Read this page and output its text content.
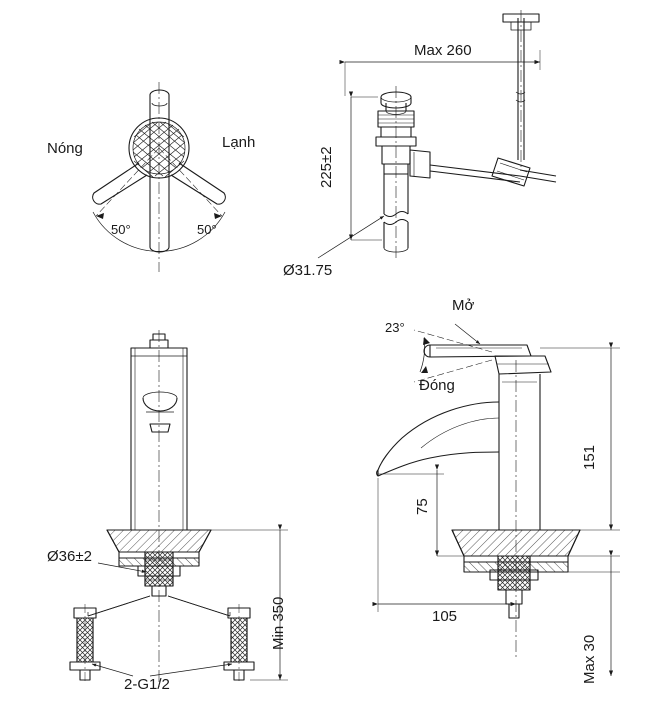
Nóng	Lạnh
50°	50°
Max 260
225±2
Ø31.75
Ø36±2
Min 350
2-G1/2
Mở
Đóng
23°
151
75
105
Max 30
